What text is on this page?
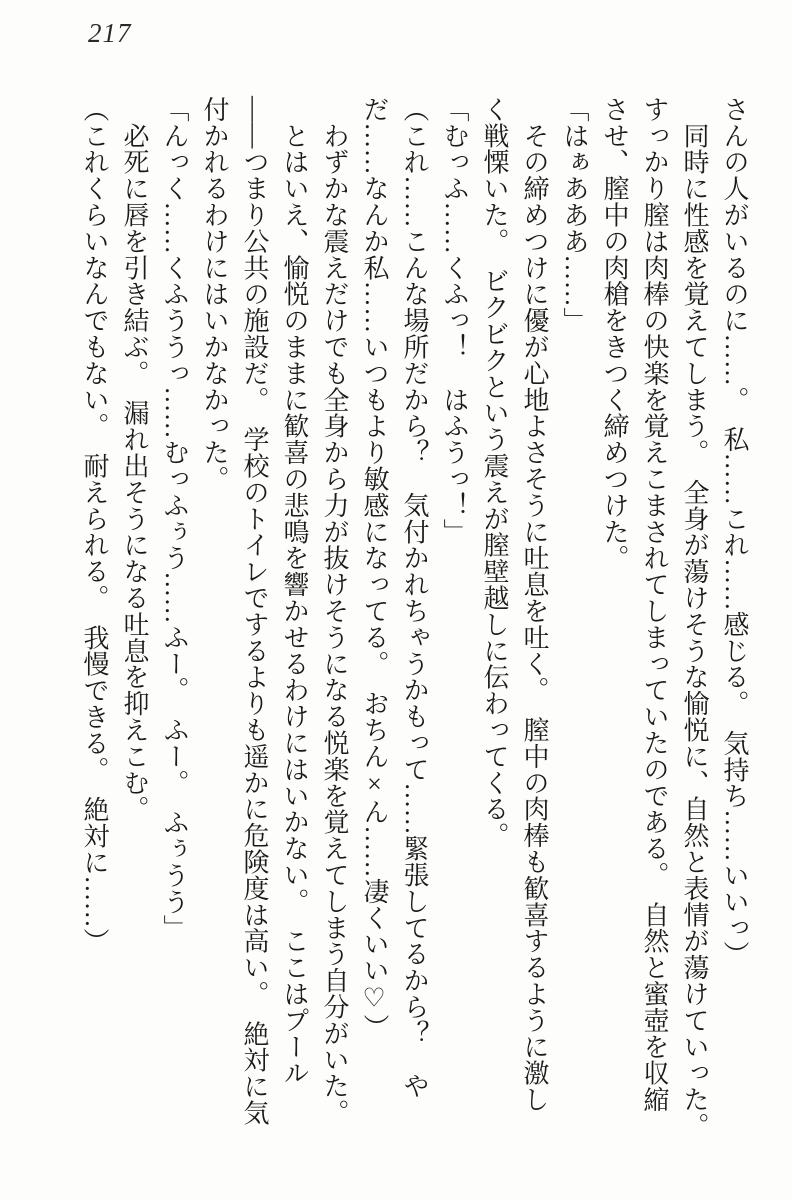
217
さんの人がいるのに……。　私……これ……感じる。　気持ち……いいっ）
　同時に性感を覚えてしまう。　全身が蕩けそうな愉悦に、自然と表情が蕩けていった。
すっかり膣は肉棒の快楽を覚えこまされてしまっていたのである。　自然と蜜壺を収縮
させ、膣中の肉槍をきつく締めつけた。
「はぁあああ……」
　その締めつけに優が心地よさそうに吐息を吐く。　膣中の肉棒も歓喜するように激し
く戦慄いた。　ビクビクという震えが膣壁越しに伝わってくる。
「むっふ……くふっ！　はふうっ！」
（これ……こんな場所だから？　気付かれちゃうかもって……緊張してるから？　や
だ……なんか私……いつもより敏感になってる。　おちん×ん……凄くいい♡）
　わずかな震えだけでも全身から力が抜けそうになる悦楽を覚えてしまう自分がいた。
　とはいえ、愉悦のままに歓喜の悲鳴を響かせるわけにはいかない。　ここはプール
――つまり公共の施設だ。　学校のトイレでするよりも遥かに危険度は高い。　絶対に気
付かれるわけにはいかなかった。
「んっく……くふううっ……むっふぅう……ふー。　ふー。　ふぅうう」
　必死に唇を引き結ぶ。　漏れ出そうになる吐息を抑えこむ。
（これくらいなんでもない。　耐えられる。　我慢できる。　絶対に……）
